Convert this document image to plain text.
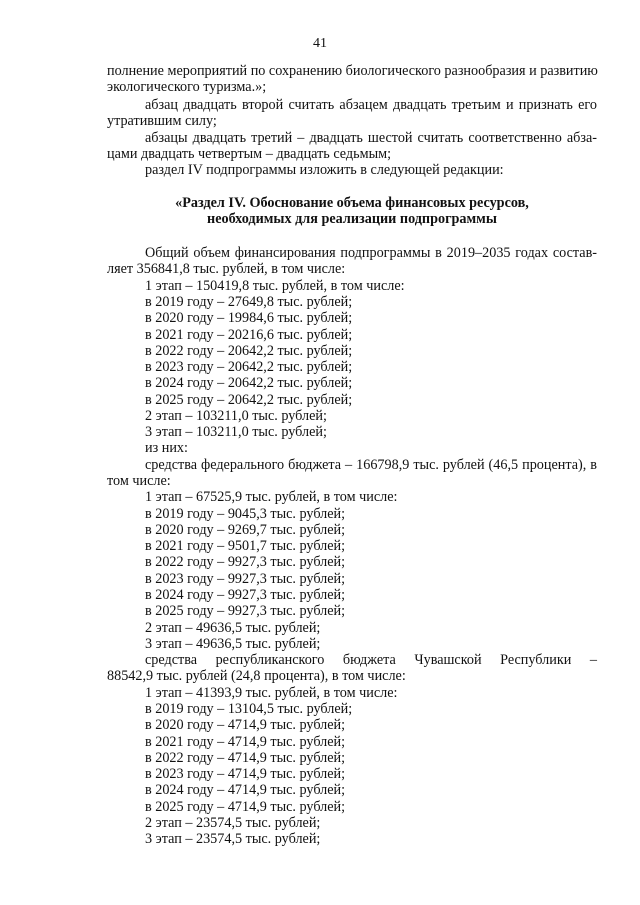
41
полнение мероприятий по сохранению биологического разнообразия и развитию
экологического туризма.»;
абзац двадцать второй считать абзацем двадцать третьим и признать его
утратившим силу;
абзацы двадцать третий – двадцать шестой считать соответственно абза-
цами двадцать четвертым – двадцать седьмым;
раздел IV подпрограммы изложить в следующей редакции:
«Раздел IV. Обоснование объема финансовых ресурсов,
необходимых для реализации подпрограммы
Общий объем финансирования подпрограммы в 2019–2035 годах состав-
ляет 356841,8 тыс. рублей, в том числе:
1 этап – 150419,8 тыс. рублей, в том числе:
в 2019 году – 27649,8 тыс. рублей;
в 2020 году – 19984,6 тыс. рублей;
в 2021 году – 20216,6 тыс. рублей;
в 2022 году – 20642,2 тыс. рублей;
в 2023 году – 20642,2 тыс. рублей;
в 2024 году – 20642,2 тыс. рублей;
в 2025 году – 20642,2 тыс. рублей;
2 этап – 103211,0 тыс. рублей;
3 этап – 103211,0 тыс. рублей;
из них:
средства федерального бюджета – 166798,9 тыс. рублей (46,5 процента), в
том числе:
1 этап – 67525,9 тыс. рублей, в том числе:
в 2019 году – 9045,3 тыс. рублей;
в 2020 году – 9269,7 тыс. рублей;
в 2021 году – 9501,7 тыс. рублей;
в 2022 году – 9927,3 тыс. рублей;
в 2023 году – 9927,3 тыс. рублей;
в 2024 году – 9927,3 тыс. рублей;
в 2025 году – 9927,3 тыс. рублей;
2 этап – 49636,5 тыс. рублей;
3 этап – 49636,5 тыс. рублей;
средства республиканского бюджета Чувашской Республики –
88542,9 тыс. рублей (24,8 процента), в том числе:
1 этап – 41393,9 тыс. рублей, в том числе:
в 2019 году – 13104,5 тыс. рублей;
в 2020 году – 4714,9 тыс. рублей;
в 2021 году – 4714,9 тыс. рублей;
в 2022 году – 4714,9 тыс. рублей;
в 2023 году – 4714,9 тыс. рублей;
в 2024 году – 4714,9 тыс. рублей;
в 2025 году – 4714,9 тыс. рублей;
2 этап – 23574,5 тыс. рублей;
3 этап – 23574,5 тыс. рублей;
